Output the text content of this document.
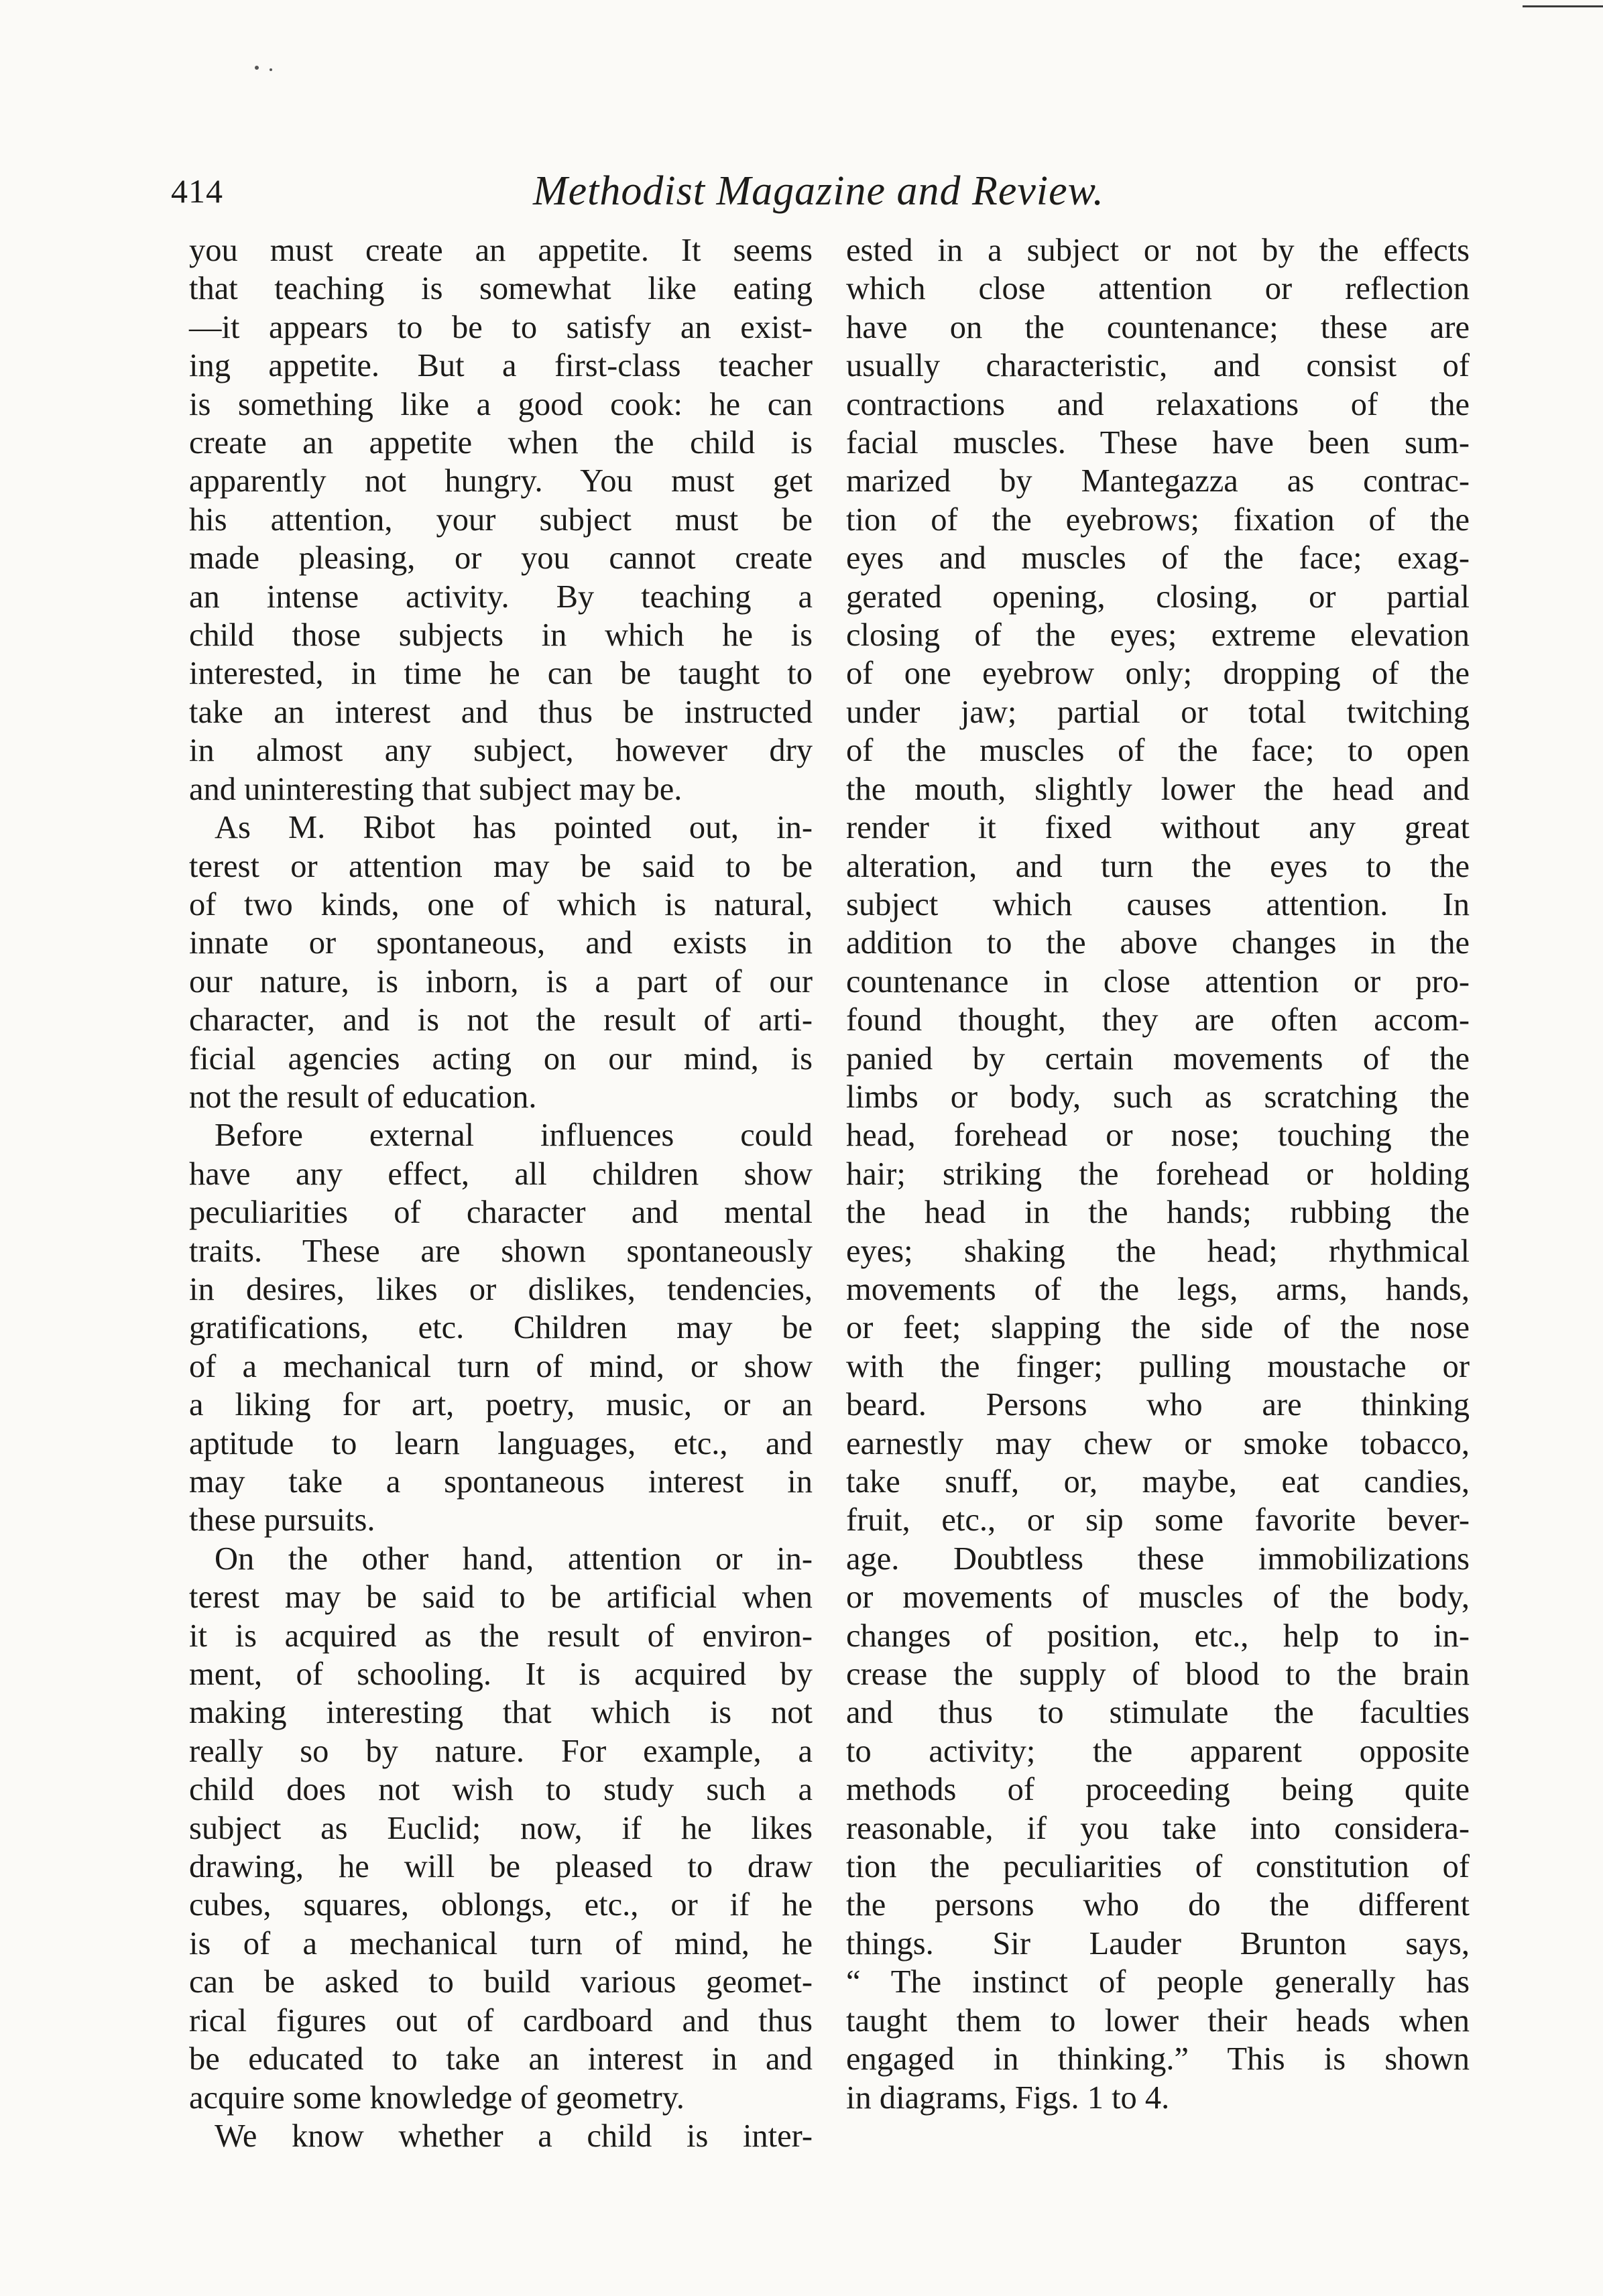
414	Methodist Magazine and Review.

you must create an appetite. It seems

that teaching is somewhat like eating

—it appears to be to satisfy an exist-

ing appetite. But a first-class teacher

is something like a good cook: he can

create an appetite when the child is

apparently not hungry. You must get

his attention, your subject must be

made pleasing, or you cannot create

an intense activity. By teaching a

child those subjects in which he is

interested, in time he can be taught to

take an interest and thus be instructed

in almost any subject, however dry

and uninteresting that subject may be.

As M. Ribot has pointed out, in-

terest or attention may be said to be

of two kinds, one of which is natural,

innate or spontaneous, and exists in

our nature, is inborn, is a part of our

character, and is not the result of arti-

ficial agencies acting on our mind, is

not the result of education.

Before external influences could

have any effect, all children show

peculiarities of character and mental

traits. These are shown spontaneously

in desires, likes or dislikes, tendencies,

gratifications, etc. Children may be

of a mechanical turn of mind, or show

a liking for art, poetry, music, or an

aptitude to learn languages, etc., and

may take a spontaneous interest in

these pursuits.

On the other hand, attention or in-

terest may be said to be artificial when

it is acquired as the result of environ-

ment, of schooling. It is acquired by

making interesting that which is not

really so by nature. For example, a

child does not wish to study such a

subject as Euclid; now, if he likes

drawing, he will be pleased to draw

cubes, squares, oblongs, etc., or if he

is of a mechanical turn of mind, he

can be asked to build various geomet-

rical figures out of cardboard and thus

be educated to take an interest in and

acquire some knowledge of geometry.

We know whether a child is inter-

ested in a subject or not by the effects

which close attention or reflection

have on the countenance; these are

usually characteristic, and consist of

contractions and relaxations of the

facial muscles. These have been sum-

marized by Mantegazza as contrac-

tion of the eyebrows; fixation of the

eyes and muscles of the face; exag-

gerated opening, closing, or partial

closing of the eyes; extreme elevation

of one eyebrow only; dropping of the

under jaw; partial or total twitching

of the muscles of the face; to open

the mouth, slightly lower the head and

render it fixed without any great

alteration, and turn the eyes to the

subject which causes attention. In

addition to the above changes in the

countenance in close attention or pro-

found thought, they are often accom-

panied by certain movements of the

limbs or body, such as scratching the

head, forehead or nose; touching the

hair; striking the forehead or holding

the head in the hands; rubbing the

eyes; shaking the head; rhythmical

movements of the legs, arms, hands,

or feet; slapping the side of the nose

with the finger; pulling moustache or

beard. Persons who are thinking

earnestly may chew or smoke tobacco,

take snuff, or, maybe, eat candies,

fruit, etc., or sip some favorite bever-

age. Doubtless these immobilizations

or movements of muscles of the body,

changes of position, etc., help to in-

crease the supply of blood to the brain

and thus to stimulate the faculties

to activity; the apparent opposite

methods of proceeding being quite

reasonable, if you take into considera-

tion the peculiarities of constitution of

the persons who do the different

things. Sir Lauder Brunton says,

“ The instinct of people generally has

taught them to lower their heads when

engaged in thinking.” This is shown

in diagrams, Figs. 1 to 4.
